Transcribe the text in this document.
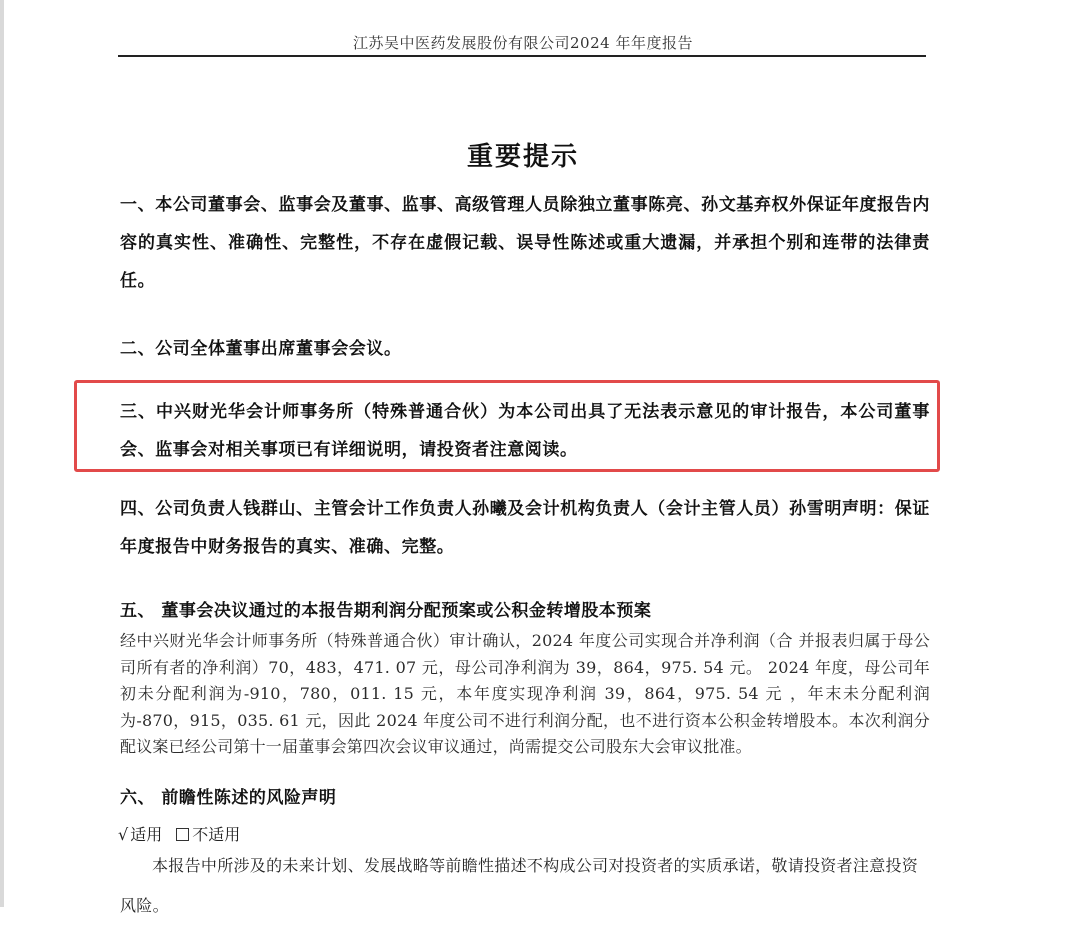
江苏吴中医药发展股份有限公司2024 年年度报告
重要提示
一、本公司董事会、监事会及董事、监事、高级管理人员除独立董事陈亮、孙文基弃权外保证年度报告内容的真实性、准确性、完整性，不存在虚假记载、误导性陈述或重大遗漏，并承担个别和连带的法律责任。
二、公司全体董事出席董事会会议。
三、中兴财光华会计师事务所（特殊普通合伙）为本公司出具了无法表示意见的审计报告，本公司董事会、监事会对相关事项已有详细说明，请投资者注意阅读。
四、公司负责人钱群山、主管会计工作负责人孙曦及会计机构负责人（会计主管人员）孙雪明声明：保证年度报告中财务报告的真实、准确、完整。
五、 董事会决议通过的本报告期利润分配预案或公积金转增股本预案
经中兴财光华会计师事务所（特殊普通合伙）审计确认，2024 年度公司实现合并净利润（合 并报表归属于母公司所有者的净利润）70，483，471. 07 元，母公司净利润为 39，864，975. 54 元。 2024 年度，母公司年初未分配利润为-910，780，011. 15 元，本年度实现净利润 39，864，975. 54 元 ，年末未分配利润为-870，915，035. 61 元，因此 2024 年度公司不进行利润分配，也不进行资本公积金转增股本。本次利润分配议案已经公司第十一届董事会第四次会议审议通过，尚需提交公司股东大会审议批准。
六、 前瞻性陈述的风险声明
√ 适用 不适用
本报告中所涉及的未来计划、发展战略等前瞻性描述不构成公司对投资者的实质承诺，敬请投资者注意投资风险。
